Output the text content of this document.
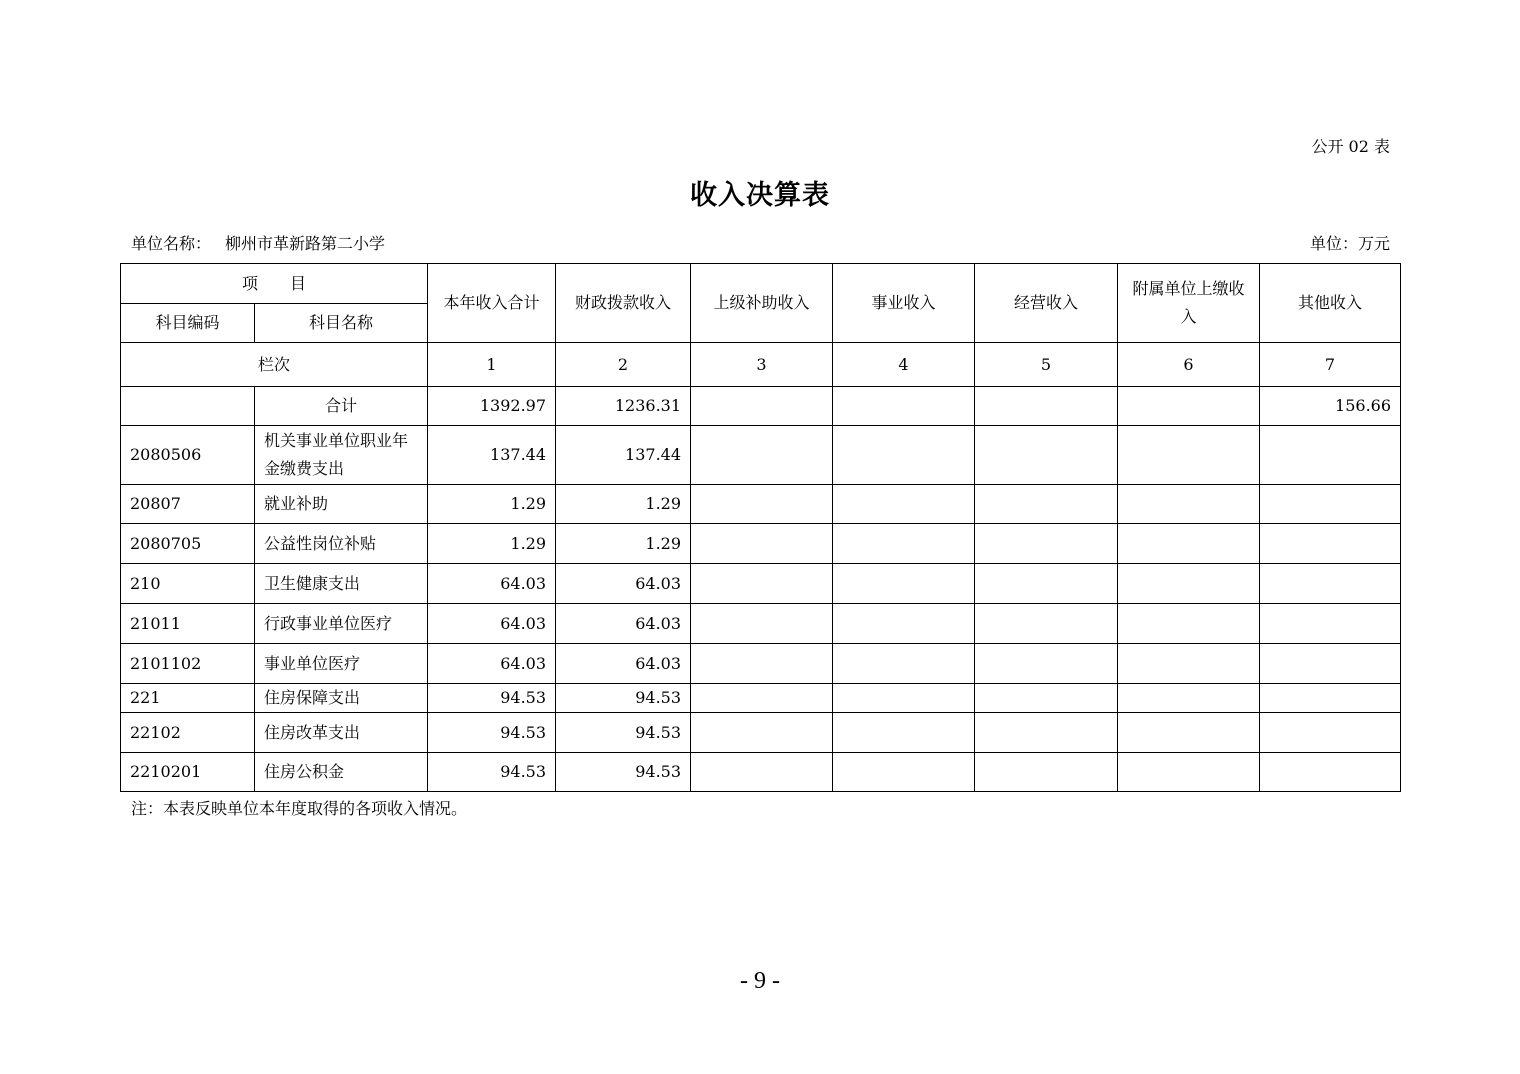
公开 02 表
收入决算表
单位名称： 柳州市革新路第二小学	单位：万元
项　　目		本年收入合计	财政拨款收入	上级补助收入	事业收入	经营收入	附属单位上缴收入	其他收入
科目编码	科目名称							
栏次		1	2	3	4	5	6	7
	合计	1392.97	1236.31					156.66
2080506	机关事业单位职业年金缴费支出	137.44	137.44					
20807	就业补助	1.29	1.29					
2080705	公益性岗位补贴	1.29	1.29					
210	卫生健康支出	64.03	64.03					
21011	行政事业单位医疗	64.03	64.03					
2101102	事业单位医疗	64.03	64.03					
221	住房保障支出	94.53	94.53					
22102	住房改革支出	94.53	94.53					
2210201	住房公积金	94.53	94.53					
注：本表反映单位本年度取得的各项收入情况。
- 9 -
